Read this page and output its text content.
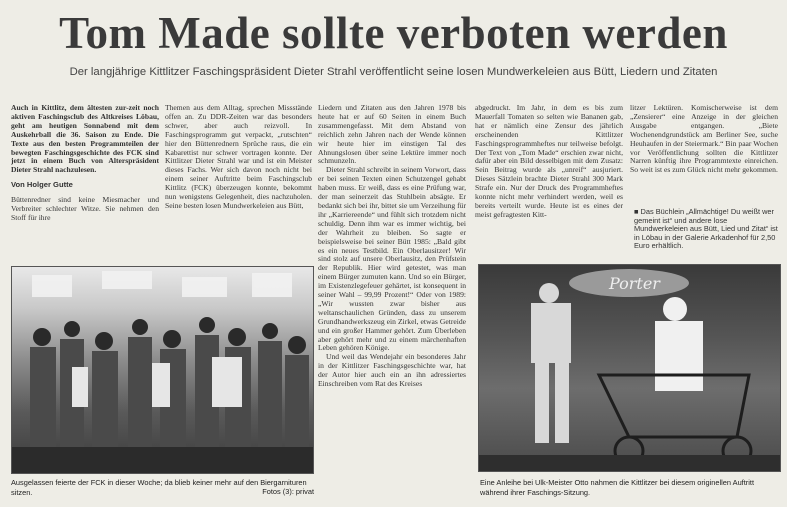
Tom Made sollte verboten werden
Der langjährige Kittlitzer Faschingspräsident Dieter Strahl veröffentlicht seine losen Mundwerkeleien aus Bütt, Liedern und Zitaten

Auch in Kittlitz, dem ältesten zur-zeit noch aktiven Faschingsclub des Altkreises Löbau, geht am heutigen Sonnabend mit dem Auskehrball die 36. Saison zu Ende. Die Texte aus den besten Programmteilen der bewegten Faschingsgeschichte des FCK sind jetzt in einem Buch von Alterspräsident Dieter Strahl nachzulesen.

Von Holger Gutte

Büttenredner sind keine Miesmacher und Verbreiter schlechter Witze. Sie nehmen den Stoff für ihre

Themen aus dem Alltag, sprechen Missstände offen an. Zu DDR-Zeiten war das besonders schwer, aber auch reizvoll. In Faschingsprogramm gut verpackt, „rutschten“ hier den Büttenrednern Sprüche raus, die ein Kabarettist nur schwer vortragen konnte. Der Kittlitzer Dieter Strahl war und ist ein Meister dieses Fachs. Wer sich davon noch nicht bei einem seiner Auftritte beim Faschingsclub Kittlitz (FCK) überzeugen konnte, bekommt nun wenigstens Gelegenheit, dies nachzuholen. Seine besten losen Mundwerkeleien aus Bütt,

Liedern und Zitaten aus den Jahren 1978 bis heute hat er auf 60 Seiten in einem Buch zusammengefasst. Mit dem Abstand von reichlich zehn Jahren nach der Wende können wir heute hier im einstigen Tal des Ahnungslosen über seine Lektüre immer noch schmunzeln.

Dieter Strahl schreibt in seinem Vorwort, dass er bei seinen Texten einen Schutzengel gehabt haben muss. Er weiß, dass es eine Prüfung war, der man seinerzeit das Stuhlbein absägte. Er bedankt sich bei ihr, bittet sie um Verzeihung für ihr „Karriereende“ und fühlt sich trotzdem nicht schuldig. Denn ihm war es immer wichtig, bei der Wahrheit zu bleiben. So sagte er beispielsweise bei seiner Bütt 1985: „Bald gibt es ein neues Testbild. Ein Oberlausitzer! Wir sind stolz auf unsere Oberlausitz, den Prüfstein der Republik. Hier wird getestet, was man einem Bürger zumuten kann. Und so ein Bürger, im Existenzlegefeuer gehärtet, ist konsequent in seiner Wahl – 99,99 Prozent!“ Oder von 1989: „Wir wussten zwar bisher aus weltanschaulichen Gründen, dass zu unserem Grundhandwerkszeug ein Zirkel, etwas Getreide und ein großer Hammer gehört. Zum Überleben aber gehört mehr und zu einem märchenhaften Leben gehören Könige.

Und weil das Wendejahr ein besonderes Jahr in der Kittlitzer Faschingsgeschichte war, hat der Autor hier auch ein an ihn adressiertes Einschreiben vom Rat des Kreises

abgedruckt. Im Jahr, in dem es bis zum Mauerfall Tomaten so selten wie Bananen gab, hat er nämlich eine Zensur des jährlich erscheinenden Kittlitzer Faschingsprogrammheftes nur teilweise befolgt. Der Text von „Tom Made“ erschien zwar nicht, dafür aber ein Bild desselbigen mit dem Zusatz: Sein Beitrag wurde als „unreif“ ausjuriert. Dieses Sätzlein brachte Dieter Strahl 300 Mark Strafe ein. Nur der Druck des Programmheftes konnte nicht mehr verhindert werden, weil es bereits verteilt wurde. Heute ist es eines der meist gefragtesten Kitt-

litzer Lektüren. Komischerweise ist dem „Zensierer“ eine Anzeige in der gleichen Ausgabe entgangen. „Biete Wochenendgrundstück am Berliner See, suche Heuhaufen in der Steiermark.“ Bin paar Wochen vor Veröffentlichung sollten die Kittlitzer Narren künftig ihre Programmtexte einreichen. So weit ist es zum Glück nicht mehr gekommen.

■ Das Büchlein „Allmächtige! Du weißt wer gemeint ist“ und andere lose Mundwerkeleien aus Bütt, Lied und Zitat“ ist in Löbau in der Galerie Arkadenhof für 2,50 Euro erhältlich.
Ausgelassen feierte der FCK in dieser Woche; da blieb keiner mehr auf den Biergarnituren sitzen.	Fotos (3): privat
Porter
Eine Anleihe bei Ulk-Meister Otto nahmen die Kittlitzer bei diesem originellen Auftritt während ihrer Faschings-Sitzung.
